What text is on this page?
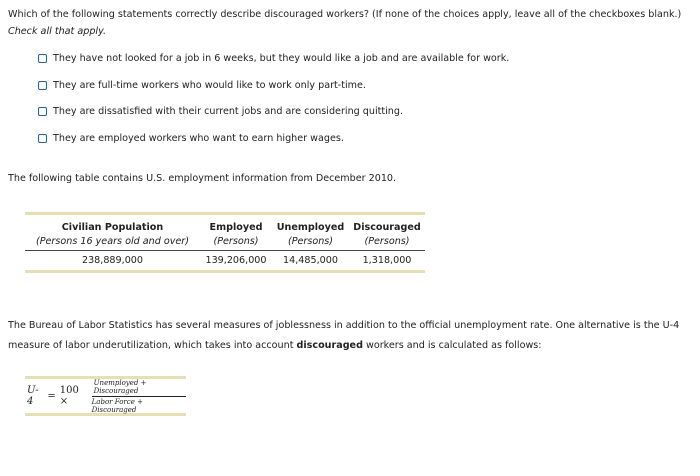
Which of the following statements correctly describe discouraged workers? (If none of the choices apply, leave all of the checkboxes blank.) Check all that apply.
They have not looked for a job in 6 weeks, but they would like a job and are available for work.
They are full-time workers who would like to work only part-time.
They are dissatisfied with their current jobs and are considering quitting.
They are employed workers who want to earn higher wages.
The following table contains U.S. employment information from December 2010.
Civilian Population	Employed	Unemployed	Discouraged
(Persons 16 years old and over)	(Persons)	(Persons)	(Persons)
238,889,000	139,206,000	14,485,000	1,318,000
The Bureau of Labor Statistics has several measures of joblessness in addition to the official unemployment rate. One alternative is the U-4 measure of labor underutilization, which takes into account discouraged workers and is calculated as follows:
U-4	= 100 ×	$\frac{\text{Unemployed + Discouraged}}{\text{Labor Force + Discouraged}}$
